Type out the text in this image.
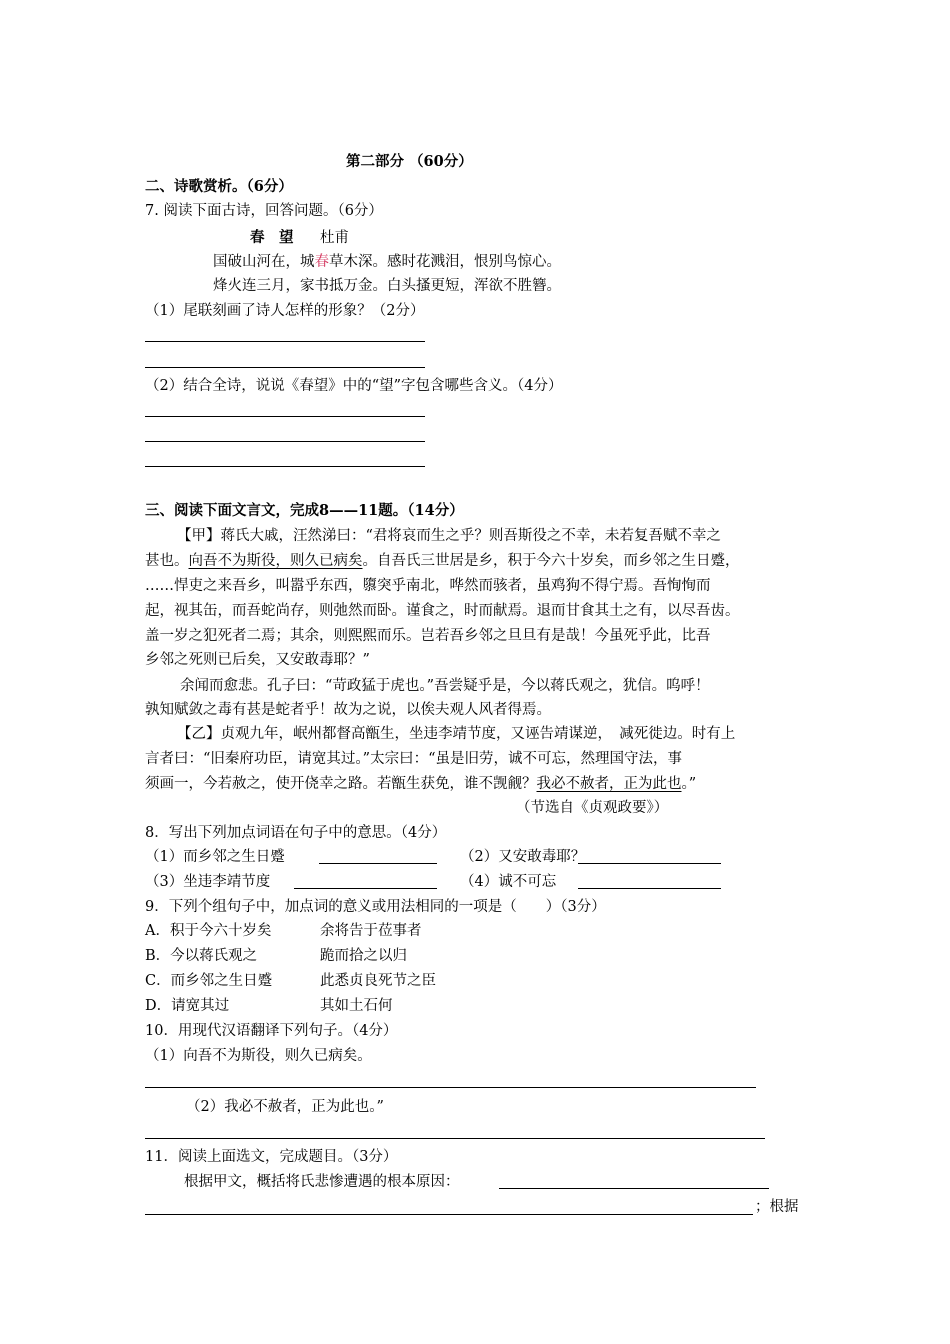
第二部分 （60分）
二、诗歌赏析。（6分）
7. 阅读下面古诗，回答问题。（6分）
春　望 杜甫
国破山河在，城春草木深。感时花溅泪，恨别鸟惊心。
烽火连三月，家书抵万金。白头搔更短，浑欲不胜簪。
（1）尾联刻画了诗人怎样的形象？（2分）
（2）结合全诗，说说《春望》中的“望”字包含哪些含义。（4分）
三、阅读下面文言文，完成8——11题。（14分）
【甲】蒋氏大戚，汪然涕曰：“君将哀而生之乎？则吾斯役之不幸，未若复吾赋不幸之
甚也。向吾不为斯役，则久已病矣。自吾氏三世居是乡，积于今六十岁矣，而乡邻之生日蹙，
……悍吏之来吾乡，叫嚣乎东西，隳突乎南北，哗然而骇者，虽鸡狗不得宁焉。吾恂恂而
起，视其缶，而吾蛇尚存，则弛然而卧。谨食之，时而献焉。退而甘食其土之有，以尽吾齿。
盖一岁之犯死者二焉；其余，则熙熙而乐。岂若吾乡邻之旦旦有是哉！今虽死乎此，比吾
乡邻之死则已后矣，又安敢毒耶？”
余闻而愈悲。孔子曰：“苛政猛于虎也。”吾尝疑乎是，今以蒋氏观之，犹信。呜呼！
孰知赋敛之毒有甚是蛇者乎！故为之说，以俟夫观人风者得焉。
【乙】贞观九年，岷州都督高甑生，坐违李靖节度，又诬告靖谋逆，　减死徙边。时有上
言者曰：“旧秦府功臣，请宽其过。”太宗曰：“虽是旧劳，诚不可忘，然理国守法，事
须画一，今若赦之，使开侥幸之路。若甑生获免，谁不觊觎？我必不赦者，正为此也。”
（节选自《贞观政要》）
8．写出下列加点词语在句子中的意思。（4分）
（1）而乡邻之生日蹙	（2）又安敢毒耶？
（3）坐违李靖节度	（4）诚不可忘
9．下列个组句子中，加点词的意义或用法相同的一项是（　　）（3分）
A．积于今六十岁矣	余将告于莅事者
B．今以蒋氏观之	跪而拾之以归
C．而乡邻之生日蹙	此悉贞良死节之臣
D．请宽其过	其如土石何
10．用现代汉语翻译下列句子。（4分）
（1）向吾不为斯役，则久已病矣。
（2）我必不赦者，正为此也。”
11．阅读上面选文，完成题目。（3分）
根据甲文，概括将氏悲惨遭遇的根本原因：
；根据
